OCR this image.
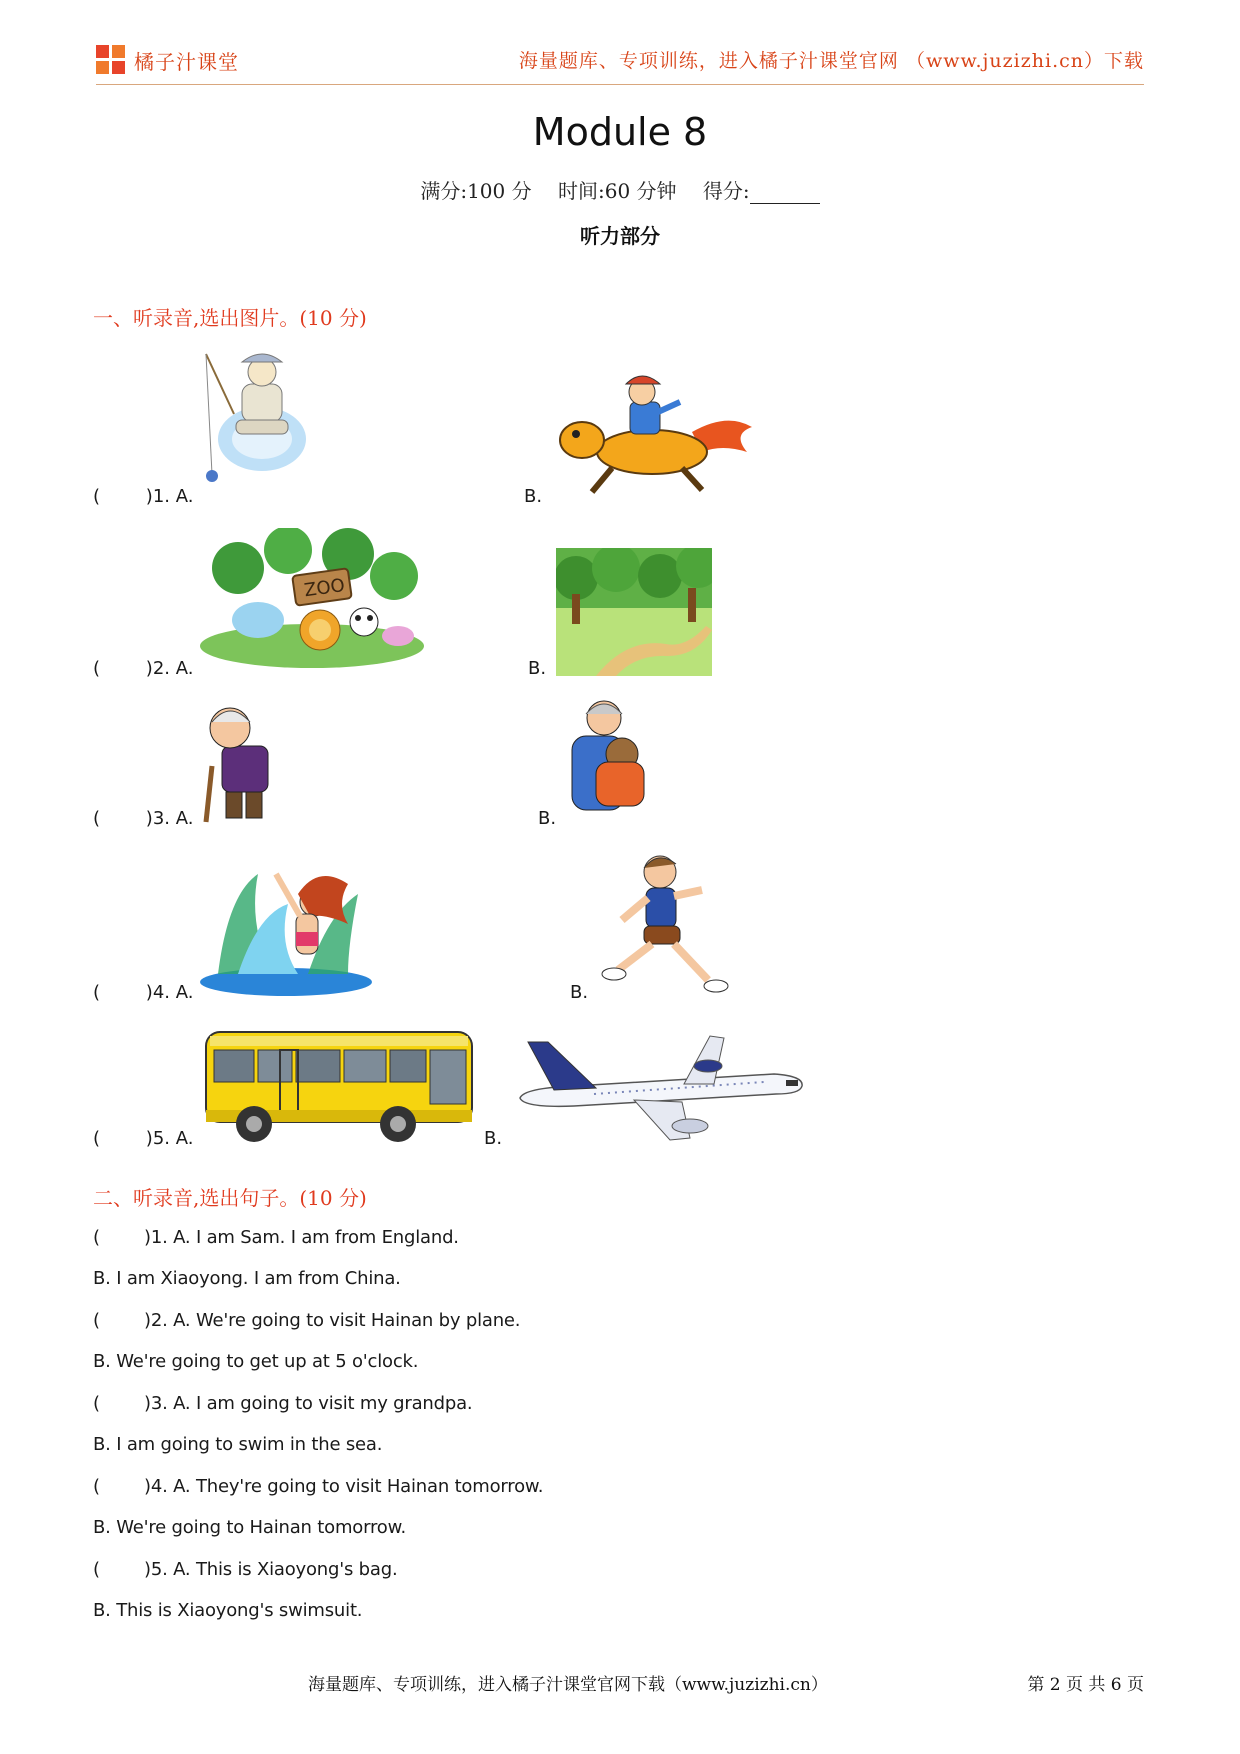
橘子汁课堂	海量题库、专项训练，进入橘子汁课堂官网 （www.juzizhi.cn）下载
Module 8
满分:100 分 时间:60 分钟 得分:
听力部分
一、听录音,选出图片。(10 分)
(        )1. A.	B.
(        )2. A.
ZOO
B.
(        )3. A.	B.
(        )4. A.	B.
(        )5. A.	B.
二、听录音,选出句子。(10 分)
(        )1. A. I am Sam. I am from England.
B. I am Xiaoyong. I am from China.
(        )2. A. We're going to visit Hainan by plane.
B. We're going to get up at 5 o'clock.
(        )3. A. I am going to visit my grandpa.
B. I am going to swim in the sea.
(        )4. A. They're going to visit Hainan tomorrow.
B. We're going to Hainan tomorrow.
(        )5. A. This is Xiaoyong's bag.
B. This is Xiaoyong's swimsuit.
海量题库、专项训练，进入橘子汁课堂官网下载（www.juzizhi.cn）	第 2 页 共 6 页
